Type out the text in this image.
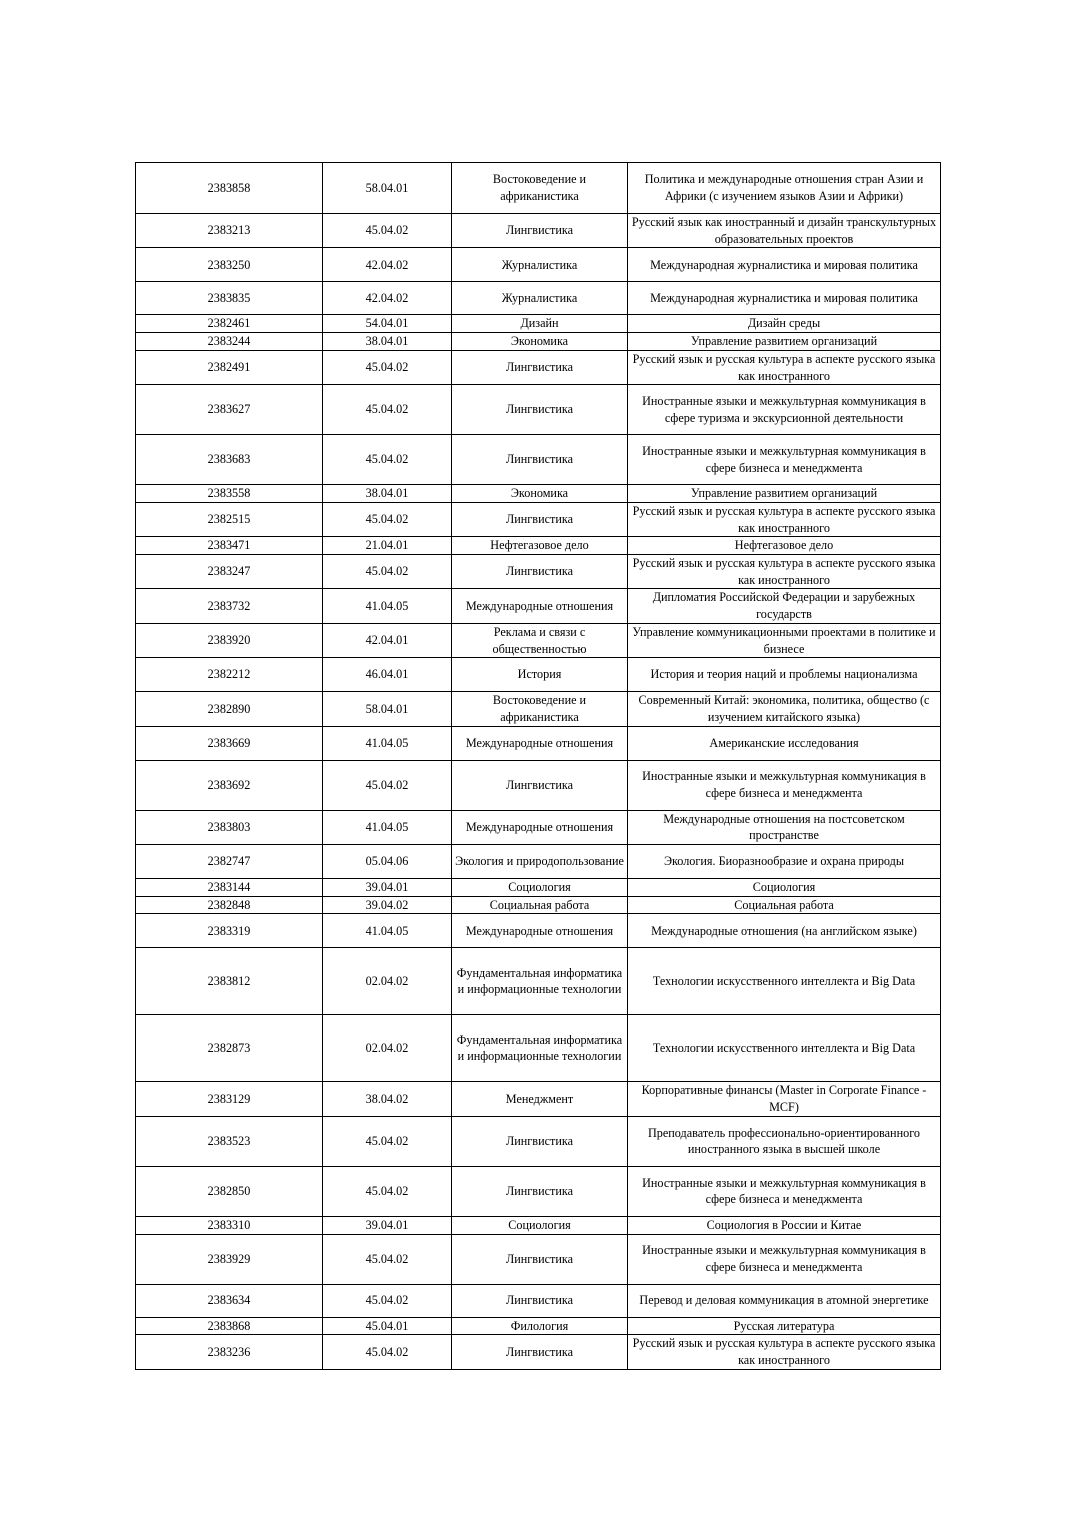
2383858	58.04.01	Востоковедение и африканистика	Политика и международные отношения стран Азии и Африки (с изучением языков Азии и Африки)
2383213	45.04.02	Лингвистика	Русский язык как иностранный и дизайн транскультурных образовательных проектов
2383250	42.04.02	Журналистика	Международная журналистика и мировая политика
2383835	42.04.02	Журналистика	Международная журналистика и мировая политика
2382461	54.04.01	Дизайн	Дизайн среды
2383244	38.04.01	Экономика	Управление развитием организаций
2382491	45.04.02	Лингвистика	Русский язык и русская культура в аспекте русского языка как иностранного
2383627	45.04.02	Лингвистика	Иностранные языки и межкультурная коммуникация в сфере туризма и экскурсионной деятельности
2383683	45.04.02	Лингвистика	Иностранные языки и межкультурная коммуникация в сфере бизнеса и менеджмента
2383558	38.04.01	Экономика	Управление развитием организаций
2382515	45.04.02	Лингвистика	Русский язык и русская культура в аспекте русского языка как иностранного
2383471	21.04.01	Нефтегазовое дело	Нефтегазовое дело
2383247	45.04.02	Лингвистика	Русский язык и русская культура в аспекте русского языка как иностранного
2383732	41.04.05	Международные отношения	Дипломатия Российской Федерации и зарубежных государств
2383920	42.04.01	Реклама и связи с общественностью	Управление коммуникационными проектами в политике и бизнесе
2382212	46.04.01	История	История и теория наций и проблемы национализма
2382890	58.04.01	Востоковедение и африканистика	Современный Китай: экономика, политика, общество (с изучением китайского языка)
2383669	41.04.05	Международные отношения	Американские исследования
2383692	45.04.02	Лингвистика	Иностранные языки и межкультурная коммуникация в сфере бизнеса и менеджмента
2383803	41.04.05	Международные отношения	Международные отношения на постсоветском пространстве
2382747	05.04.06	Экология и природопользование	Экология. Биоразнообразие и охрана природы
2383144	39.04.01	Социология	Социология
2382848	39.04.02	Социальная работа	Социальная работа
2383319	41.04.05	Международные отношения	Международные отношения (на английском языке)
2383812	02.04.02	Фундаментальная информатика и информационные технологии	Технологии искусственного интеллекта и Big Data
2382873	02.04.02	Фундаментальная информатика и информационные технологии	Технологии искусственного интеллекта и Big Data
2383129	38.04.02	Менеджмент	Корпоративные финансы (Master in Corporate Finance - MCF)
2383523	45.04.02	Лингвистика	Преподаватель профессионально-ориентированного иностранного языка в высшей школе
2382850	45.04.02	Лингвистика	Иностранные языки и межкультурная коммуникация в сфере бизнеса и менеджмента
2383310	39.04.01	Социология	Социология в России и Китае
2383929	45.04.02	Лингвистика	Иностранные языки и межкультурная коммуникация в сфере бизнеса и менеджмента
2383634	45.04.02	Лингвистика	Перевод и деловая коммуникация в атомной энергетике
2383868	45.04.01	Филология	Русская литература
2383236	45.04.02	Лингвистика	Русский язык и русская культура в аспекте русского языка как иностранного
